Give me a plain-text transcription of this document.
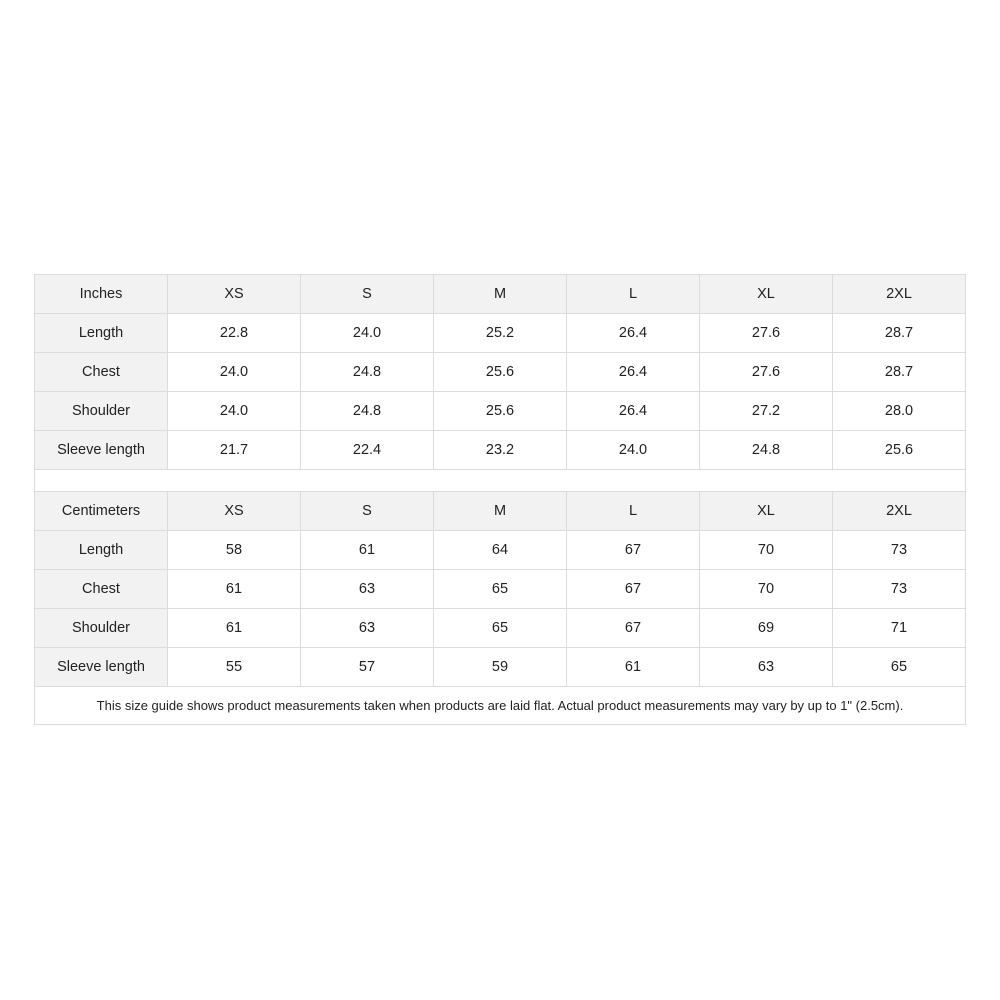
Inches	XS	S	M	L	XL	2XL
Length	22.8	24.0	25.2	26.4	27.6	28.7
Chest	24.0	24.8	25.6	26.4	27.6	28.7
Shoulder	24.0	24.8	25.6	26.4	27.2	28.0
Sleeve length	21.7	22.4	23.2	24.0	24.8	25.6

Centimeters	XS	S	M	L	XL	2XL
Length	58	61	64	67	70	73
Chest	61	63	65	67	70	73
Shoulder	61	63	65	67	69	71
Sleeve length	55	57	59	61	63	65
This size guide shows product measurements taken when products are laid flat. Actual product measurements may vary by up to 1" (2.5cm).						
